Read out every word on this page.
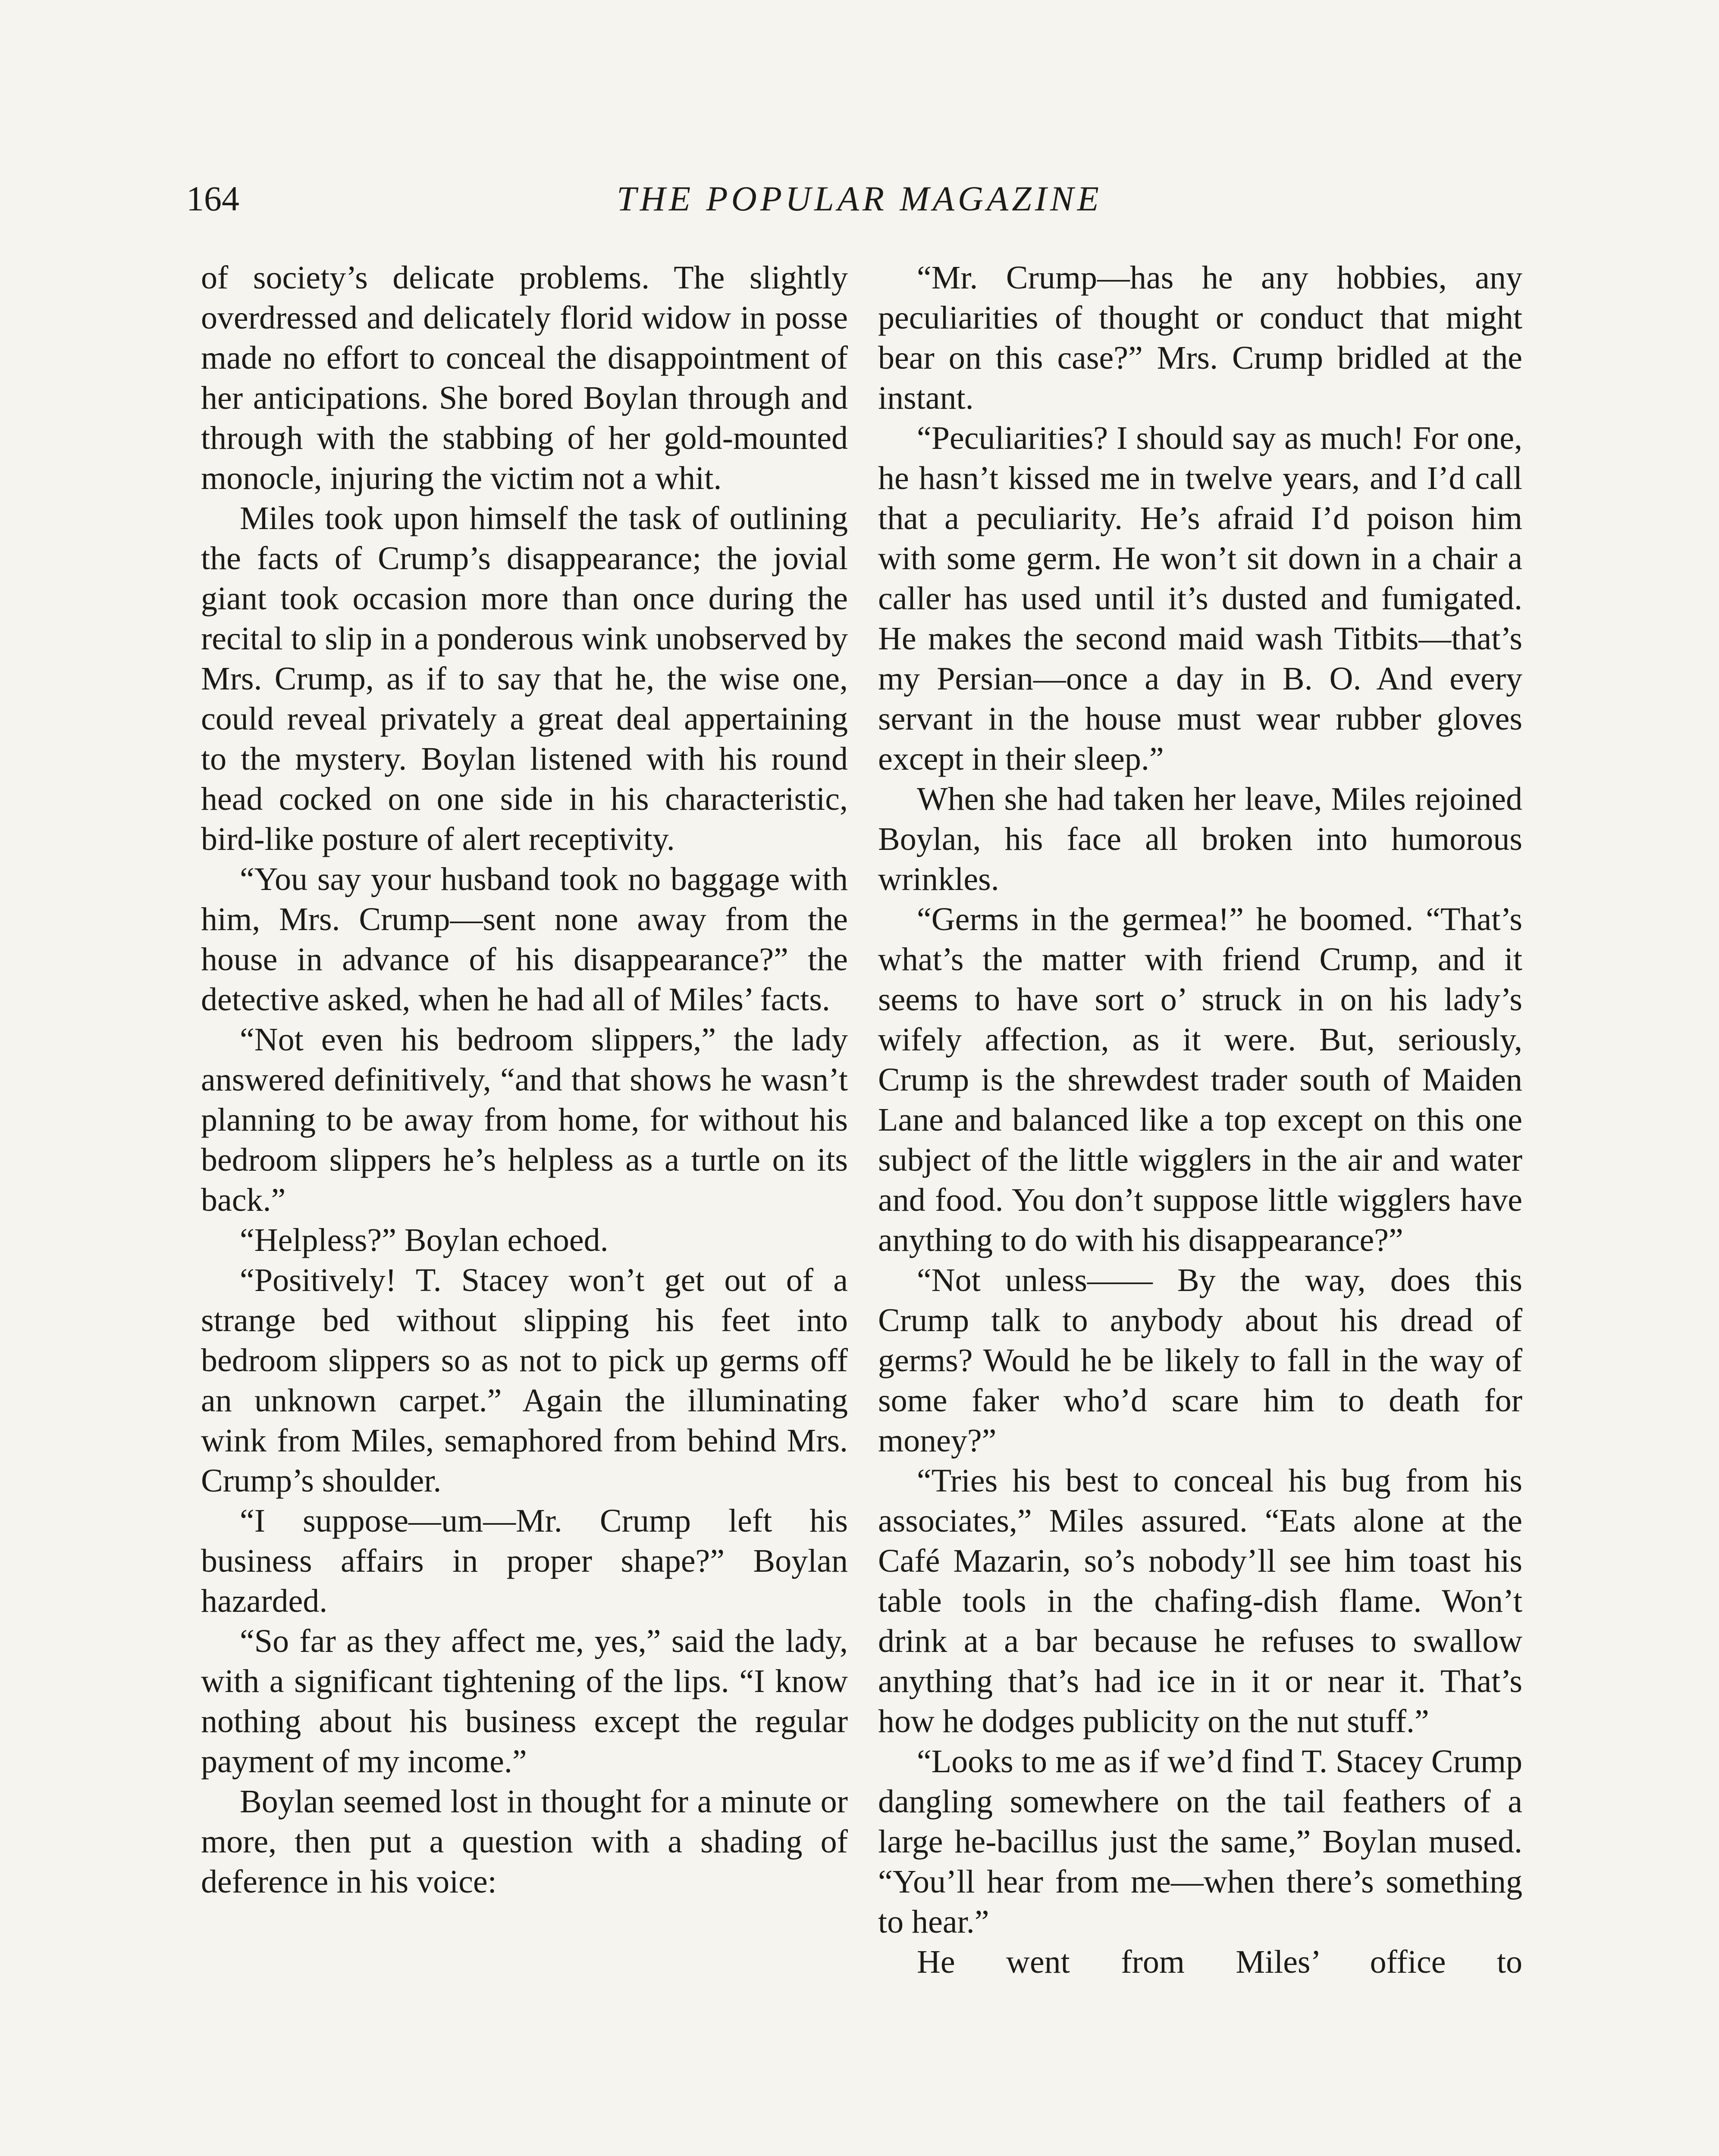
164	THE POPULAR MAGAZINE

of society’s delicate problems. The slightly overdressed and delicately florid widow in posse made no effort to conceal the disappointment of her anticipations. She bored Boylan through and through with the stabbing of her gold-mounted monocle, injuring the victim not a whit.

Miles took upon himself the task of outlining the facts of Crump’s disappearance; the jovial giant took occasion more than once during the recital to slip in a ponderous wink unobserved by Mrs. Crump, as if to say that he, the wise one, could reveal privately a great deal appertaining to the mystery. Boylan listened with his round head cocked on one side in his characteristic, bird-like posture of alert receptivity.

“You say your husband took no baggage with him, Mrs. Crump—sent none away from the house in advance of his disappearance?” the detective asked, when he had all of Miles’ facts.

“Not even his bedroom slippers,” the lady answered definitively, “and that shows he wasn’t planning to be away from home, for without his bedroom slippers he’s helpless as a turtle on its back.”

“Helpless?” Boylan echoed.

“Positively! T. Stacey won’t get out of a strange bed without slipping his feet into bedroom slippers so as not to pick up germs off an unknown carpet.” Again the illuminating wink from Miles, semaphored from behind Mrs. Crump’s shoulder.

“I suppose—um—Mr. Crump left his business affairs in proper shape?” Boylan hazarded.

“So far as they affect me, yes,” said the lady, with a significant tightening of the lips. “I know nothing about his business except the regular payment of my income.”

Boylan seemed lost in thought for a minute or more, then put a question with a shading of deference in his voice:

“Mr. Crump—has he any hobbies, any peculiarities of thought or conduct that might bear on this case?” Mrs. Crump bridled at the instant.

“Peculiarities? I should say as much! For one, he hasn’t kissed me in twelve years, and I’d call that a peculiarity. He’s afraid I’d poison him with some germ. He won’t sit down in a chair a caller has used until it’s dusted and fumigated. He makes the second maid wash Titbits—that’s my Persian—once a day in B. O. And every servant in the house must wear rubber gloves except in their sleep.”

When she had taken her leave, Miles rejoined Boylan, his face all broken into humorous wrinkles.

“Germs in the germea!” he boomed. “That’s what’s the matter with friend Crump, and it seems to have sort o’ struck in on his lady’s wifely affection, as it were. But, seriously, Crump is the shrewdest trader south of Maiden Lane and balanced like a top except on this one subject of the little wigglers in the air and water and food. You don’t suppose little wigglers have anything to do with his disappearance?”

“Not unless—— By the way, does this Crump talk to anybody about his dread of germs? Would he be likely to fall in the way of some faker who’d scare him to death for money?”

“Tries his best to conceal his bug from his associates,” Miles assured. “Eats alone at the Café Mazarin, so’s nobody’ll see him toast his table tools in the chafing-dish flame. Won’t drink at a bar because he refuses to swallow anything that’s had ice in it or near it. That’s how he dodges publicity on the nut stuff.”

“Looks to me as if we’d find T. Stacey Crump dangling somewhere on the tail feathers of a large he-bacillus just the same,” Boylan mused. “You’ll hear from me—when there’s something to hear.”

He went from Miles’ office to
